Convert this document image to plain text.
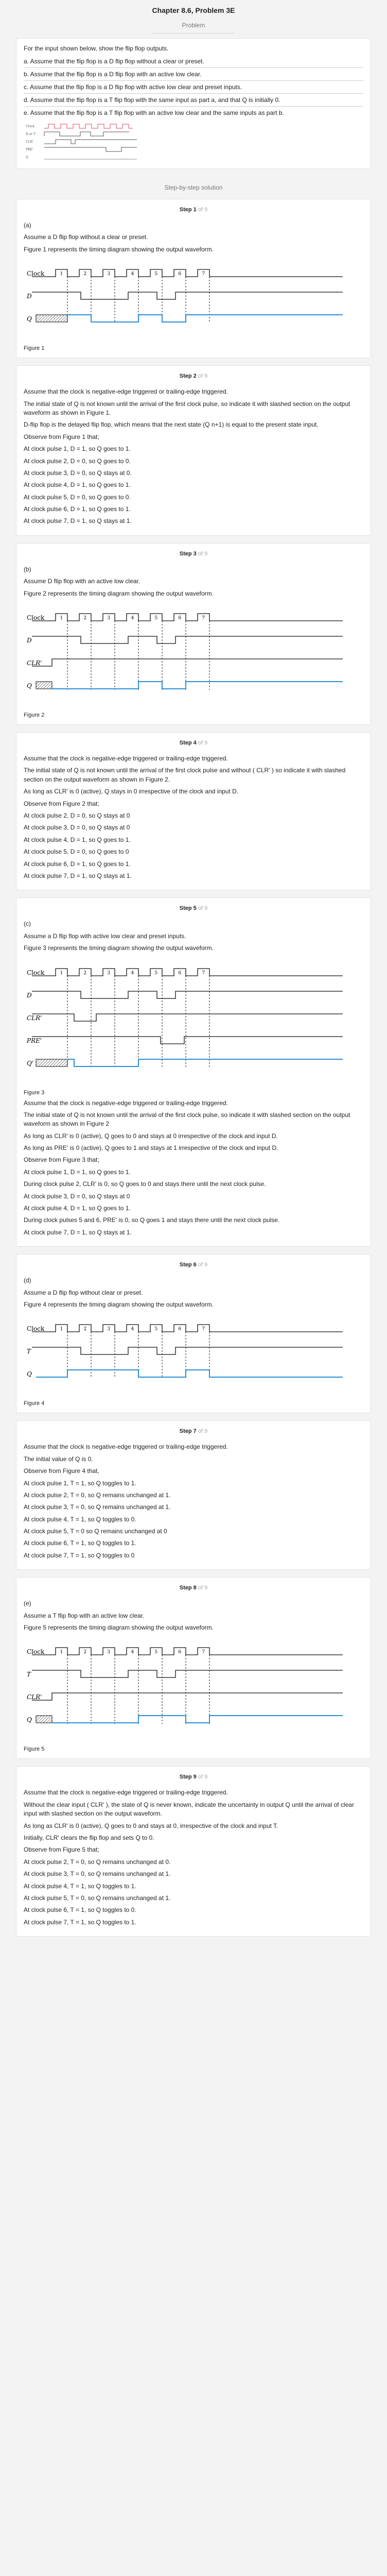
Chapter 8.6, Problem 3E
Problem
For the input shown below, show the flip flop outputs.
a. Assume that the flip flop is a D flip flop without a clear or preset.
b. Assume that the flip flop is a D flip flop with an active low clear.
c. Assume that the flip flop is a D flip flop with active low clear and preset inputs.
d. Assume that the flip flop is a T flip flop with the same input as part a, and that Q is initially 0.
e. Assume that the flip flop is a T flip flop with an active low clear and the same inputs as part b.
Clock
D or T
CLR'
PRE'
Q
Step-by-step solution
Step 1 of 9
(a)
Assume a D flip flop without a clear or preset.
Figure 1 represents the timing diagram showing the output waveform.
Clock	1	2	3	4	5	6	7
D
Q
Figure 1
Step 2 of 9
Assume that the clock is negative-edge triggered or trailing-edge triggered.
The initial state of Q is not known until the arrival of the first clock pulse, so indicate it with slashed section on the output waveform as shown in Figure 1.
D-flip flop is the delayed flip flop, which means that the next state (Q n+1) is equal to the present state input.
Observe from Figure 1 that;
At clock pulse 1, D = 1, so Q goes to 1.
At clock pulse 2, D = 0, so Q goes to 0.
At clock pulse 3, D = 0, so Q stays at 0.
At clock pulse 4, D = 1, so Q goes to 1.
At clock pulse 5, D = 0, so Q goes to 0.
At clock pulse 6, D = 1, so Q goes to 1.
At clock pulse 7, D = 1, so Q stays at 1.
Step 3 of 9
(b)
Assume D flip flop with an active low clear.
Figure 2 represents the timing diagram showing the output waveform.
Clock	1	2	3	4	5	6	7
D
CLR'
Q
Figure 2
Step 4 of 9
Assume that the clock is negative-edge triggered or trailing-edge triggered.
The initial state of Q is not known until the arrival of the first clock pulse and without ( CLR' ) so indicate it with slashed section on the output waveform as shown in Figure 2.
As long as CLR' is 0 (active), Q stays in 0 irrespective of the clock and input D.
Observe from Figure 2 that;
At clock pulse 2, D = 0, so Q stays at 0
At clock pulse 3, D = 0, so Q stays at 0
At clock pulse 4, D = 1, so Q goes to 1.
At clock pulse 5, D = 0, so Q goes to 0
At clock pulse 6, D = 1, so Q goes to 1.
At clock pulse 7, D = 1, so Q stays at 1.
Step 5 of 9
(c)
Assume a D flip flop with active low clear and preset inputs.
Figure 3 represents the timing diagram showing the output waveform.
Clock	1	2	3	4	5	6	7
D
CLR'
PRE'
Q'
Figure 3
Assume that the clock is negative-edge triggered or trailing-edge triggered.
The initial state of Q is not known until the arrival of the first clock pulse, so indicate it with slashed section on the output waveform as shown in Figure 2
As long as CLR' is 0 (active), Q goes to 0 and stays at 0 irrespective of the clock and input D.
As long as PRE' is 0 (active), Q goes to 1 and stays at 1 irrespective of the clock and input D.
Observe from Figure 3 that;
At clock pulse 1, D = 1, so Q goes to 1.
During clock pulse 2, CLR' is 0, so Q goes to 0 and stays there until the next clock pulse.
At clock pulse 3, D = 0, so Q stays at 0
At clock pulse 4, D = 1, so Q goes to 1.
During clock pulses 5 and 6, PRE' is 0, so Q goes 1 and stays there until the next clock pulse.
At clock pulse 7, D = 1, so Q stays at 1.
Step 6 of 9
(d)
Assume a D flip flop without clear or preset.
Figure 4 represents the timing diagram showing the output waveform.
Clock	1	2	3	4	5	6	7
T
Q
Figure 4
Step 7 of 9
Assume that the clock is negative-edge triggered or trailing-edge triggered.
The initial value of Q is 0.
Observe from Figure 4 that,
At clock pulse 1, T = 1, so Q toggles to 1.
At clock pulse 2, T = 0, so Q remains unchanged at 1.
At clock pulse 3, T = 0, so Q remains unchanged at 1.
At clock pulse 4, T = 1, so Q toggles to 0.
At clock pulse 5, T = 0 so Q remains unchanged at 0
At clock pulse 6, T = 1, so Q toggles to 1.
At clock pulse 7, T = 1, so Q toggles to 0
Step 8 of 9
(e)
Assume a T flip flop with an active low clear.
Figure 5 represents the timing diagram showing the output waveform.
Clock	1	2	3	4	5	6	7
T
CLR'
Q
Figure 5
Step 9 of 9
Assume that the clock is negative-edge triggered or trailing-edge triggered.
Without the clear input ( CLR' ), the state of Q is never known, indicate the uncertainty in output Q until the arrival of clear input with slashed section on the output waveform.
As long as CLR' is 0 (active), Q goes to 0 and stays at 0, irrespective of the clock and input T.
Initially, CLR' clears the flip flop and sets Q to 0.
Observe from Figure 5 that;
At clock pulse 2, T = 0, so Q remains unchanged at 0.
At clock pulse 3, T = 0, so Q remains unchanged at 1.
At clock pulse 4, T = 1, so Q toggles to 1.
At clock pulse 5, T = 0, so Q remains unchanged at 1.
At clock pulse 6, T = 1, so Q toggles to 0.
At clock pulse 7, T = 1, so Q toggles to 1.
